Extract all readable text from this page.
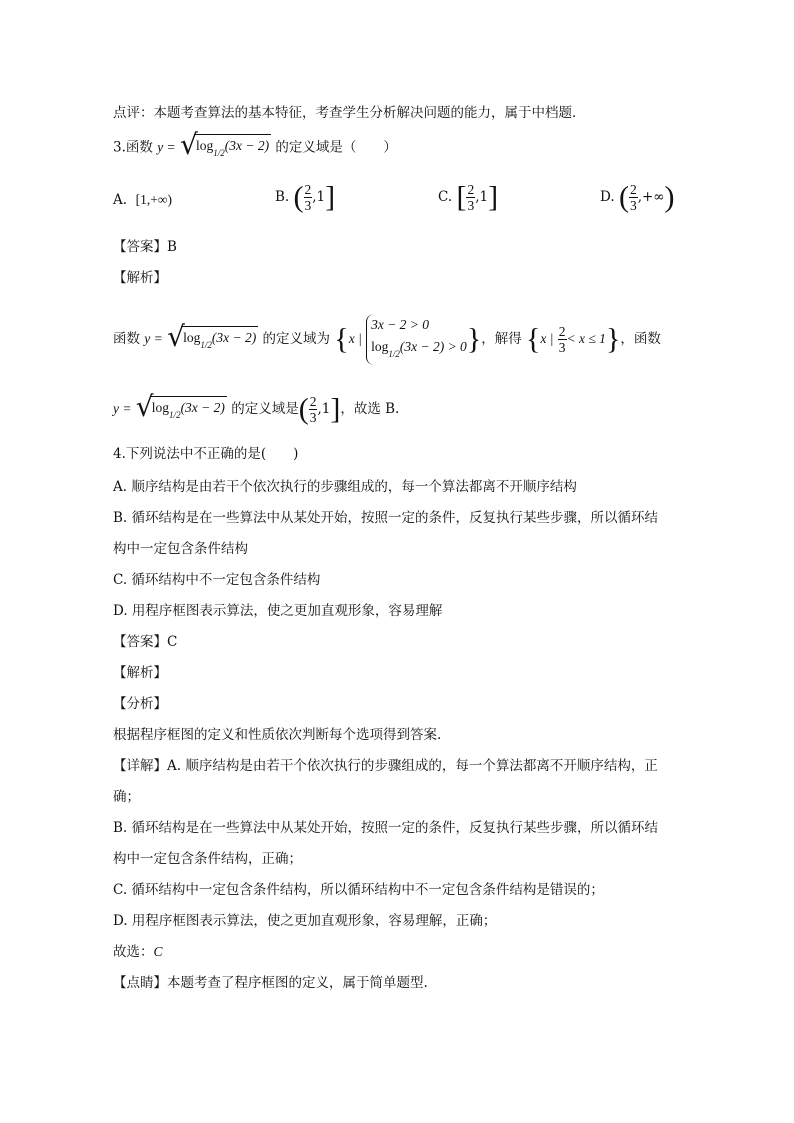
点评：本题考查算法的基本特征，考查学生分析解决问题的能力，属于中档题．
3.函数 y = √
$\log_{1/2}(3x - 2)$ 的定义域是（　　）
A. [1,+∞)	B. ( $\frac{2}{3} ,1$]	C. [ $\frac{2}{3} ,1$]	D. ( $\frac{2}{3}$ ,+∞)
【答案】B
【解析】
函数 y = √
$\log_{1/2}(3x - 2)$ 的定义域为 {x |
3x − 2 > 0
$\log_{1/2}(3x - 2) > 0$ }，解得 {x | $\frac{2}{3} < x \le 1$}，函数
y = √
$\log_{1/2}(3x - 2)$ 的定义域是( $\frac{2}{3} ,1$]，故选 B.
4.下列说法中不正确的是(　　)
A. 顺序结构是由若干个依次执行的步骤组成的，每一个算法都离不开顺序结构
B. 循环结构是在一些算法中从某处开始，按照一定的条件，反复执行某些步骤，所以循环结
构中一定包含条件结构
C. 循环结构中不一定包含条件结构
D. 用程序框图表示算法，使之更加直观形象，容易理解
【答案】C
【解析】
【分析】
根据程序框图的定义和性质依次判断每个选项得到答案.
【详解】A. 顺序结构是由若干个依次执行的步骤组成的，每一个算法都离不开顺序结构，正
确；
B. 循环结构是在一些算法中从某处开始，按照一定的条件，反复执行某些步骤，所以循环结
构中一定包含条件结构，正确；
C. 循环结构中一定包含条件结构，所以循环结构中不一定包含条件结构是错误的；
D. 用程序框图表示算法，使之更加直观形象，容易理解，正确；
故选：C
【点睛】本题考查了程序框图的定义，属于简单题型.
